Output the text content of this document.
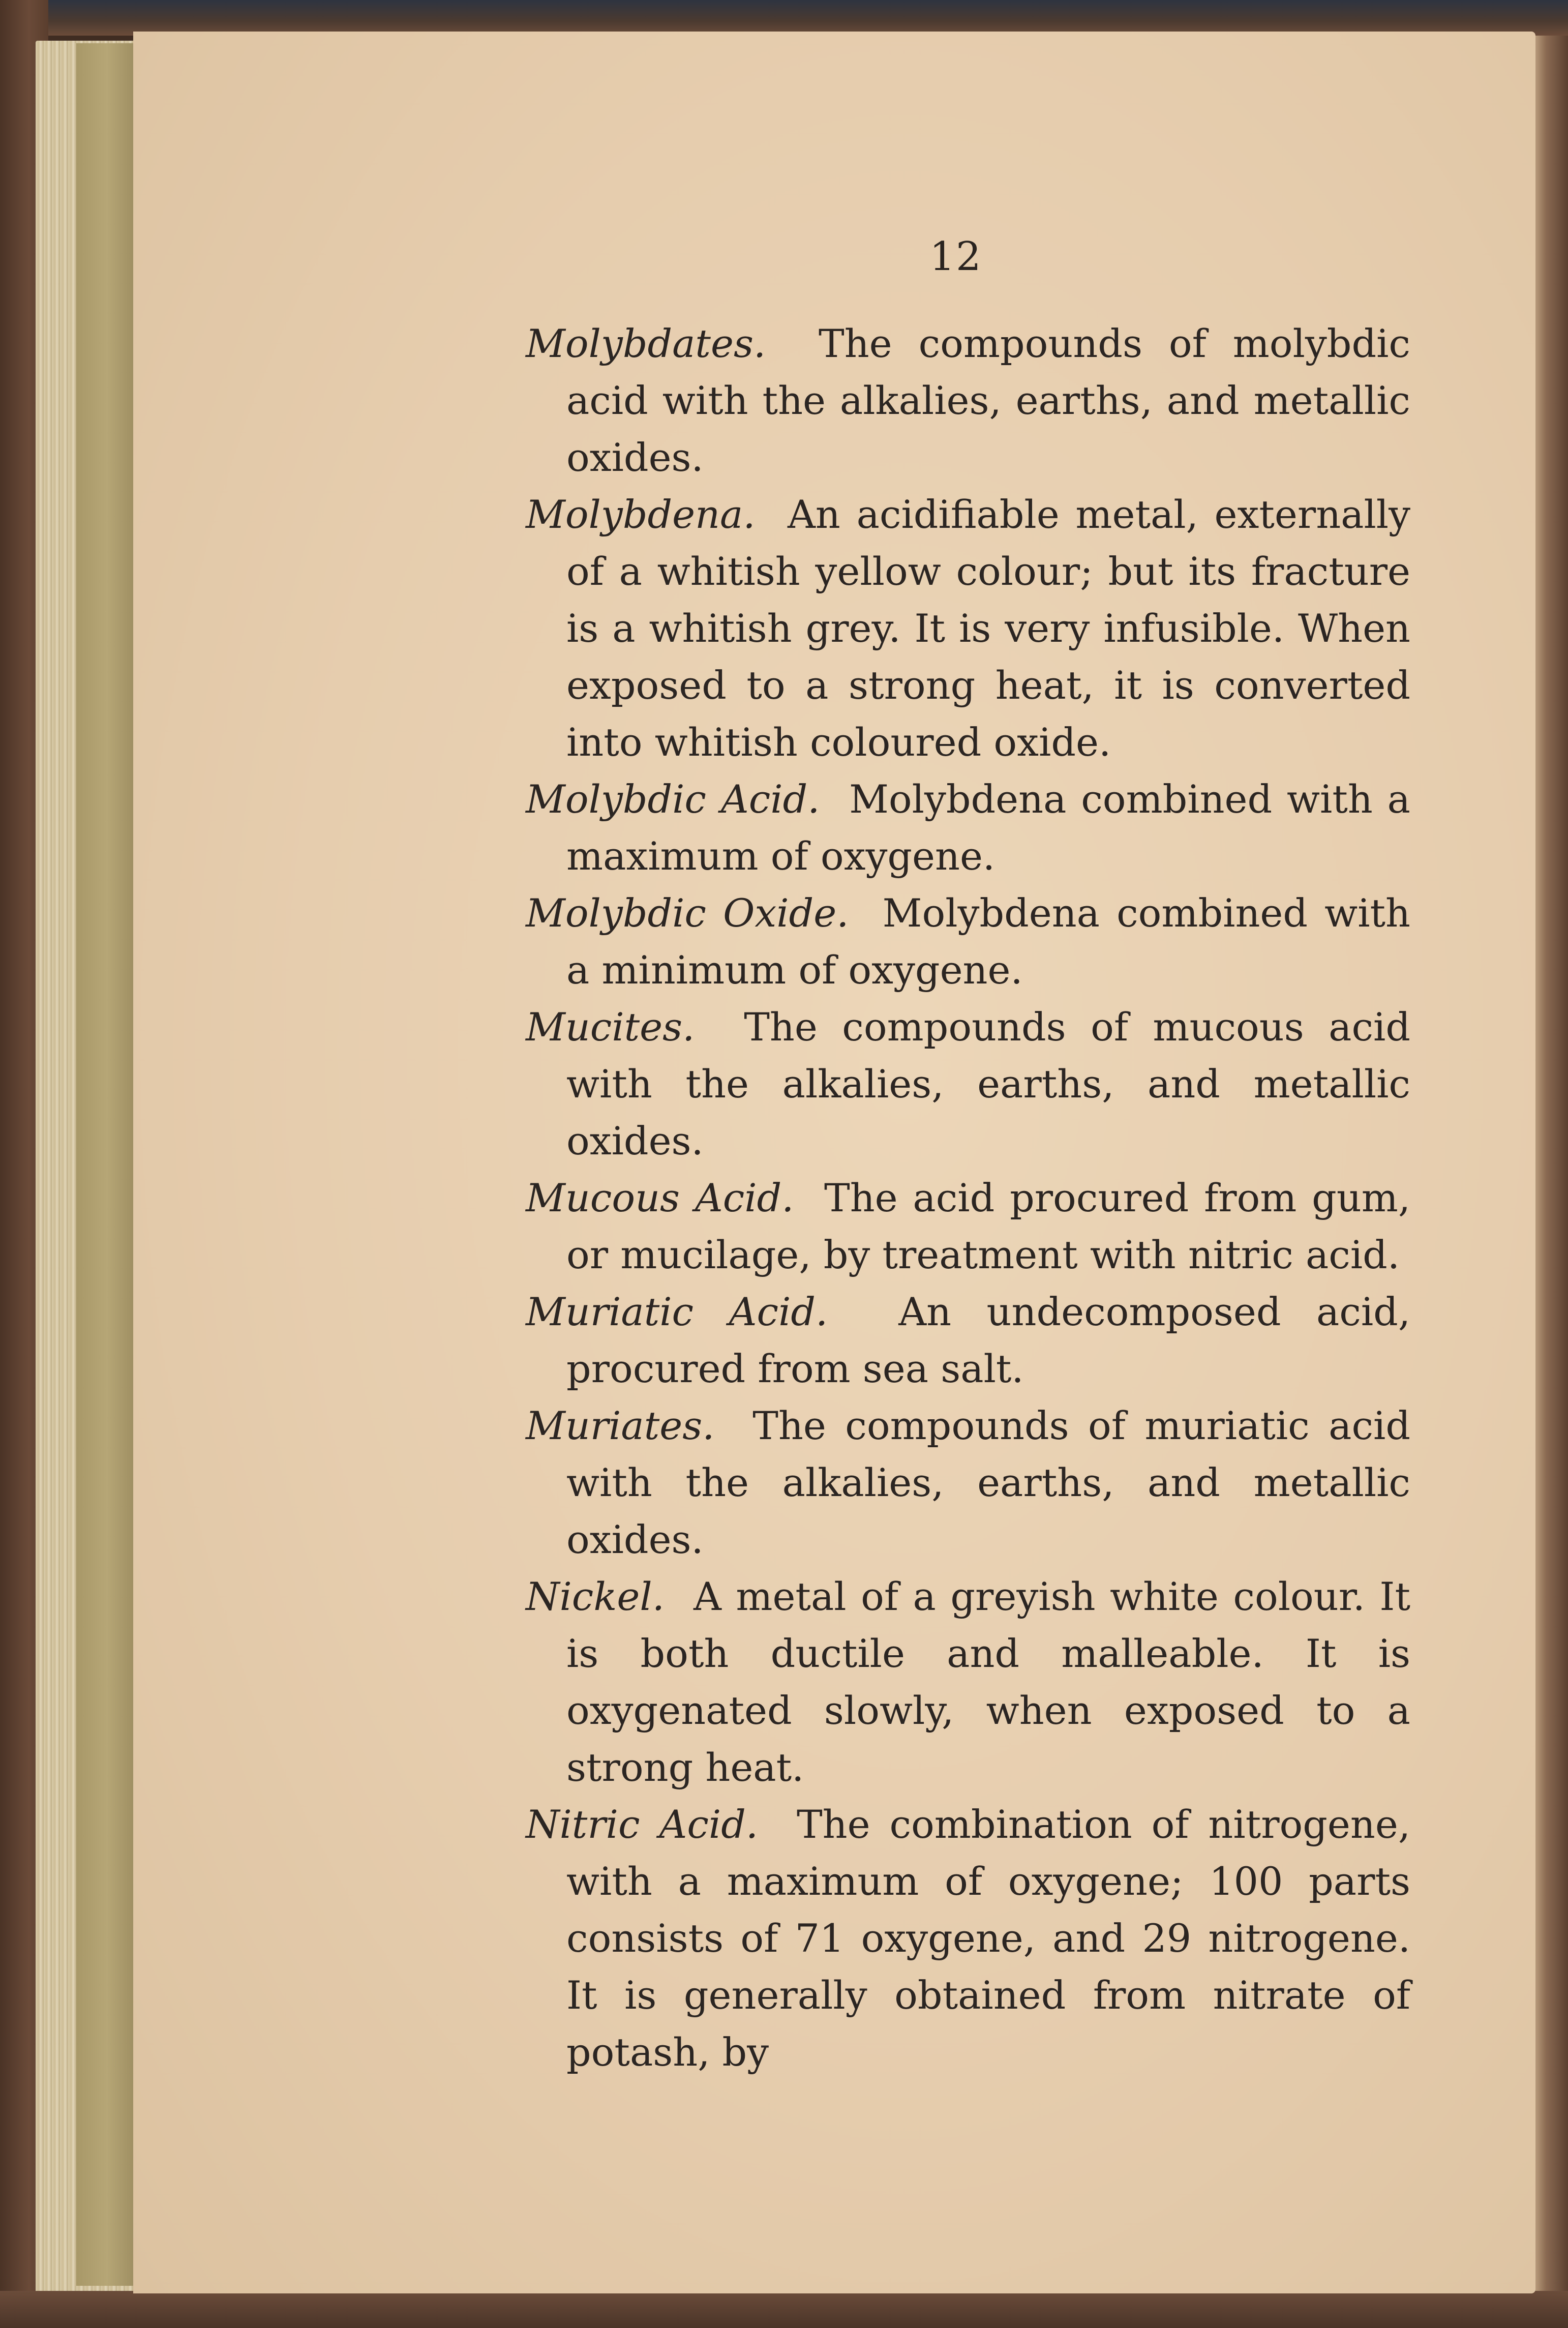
12

Molybdates. The compounds of molybdic acid with the alkalies, earths, and metallic oxides.

Molybdena. An acidifiable metal, externally of a whitish yellow colour; but its fracture is a whitish grey. It is very infusible. When exposed to a strong heat, it is converted into whitish coloured oxide.

Molybdic Acid. Molybdena combined with a maximum of oxygene.

Molybdic Oxide. Molybdena combined with a minimum of oxygene.

Mucites. The compounds of mucous acid with the alkalies, earths, and metallic oxides.

Mucous Acid. The acid procured from gum, or mucilage, by treatment with nitric acid.

Muriatic Acid. An undecomposed acid, procured from sea salt.

Muriates. The compounds of muriatic acid with the alkalies, earths, and metallic oxides.

Nickel. A metal of a greyish white colour. It is both ductile and malleable. It is oxygenated slowly, when exposed to a strong heat.

Nitric Acid. The combination of nitrogene, with a maximum of oxygene; 100 parts consists of 71 oxygene, and 29 nitrogene. It is generally obtained from nitrate of potash, by
